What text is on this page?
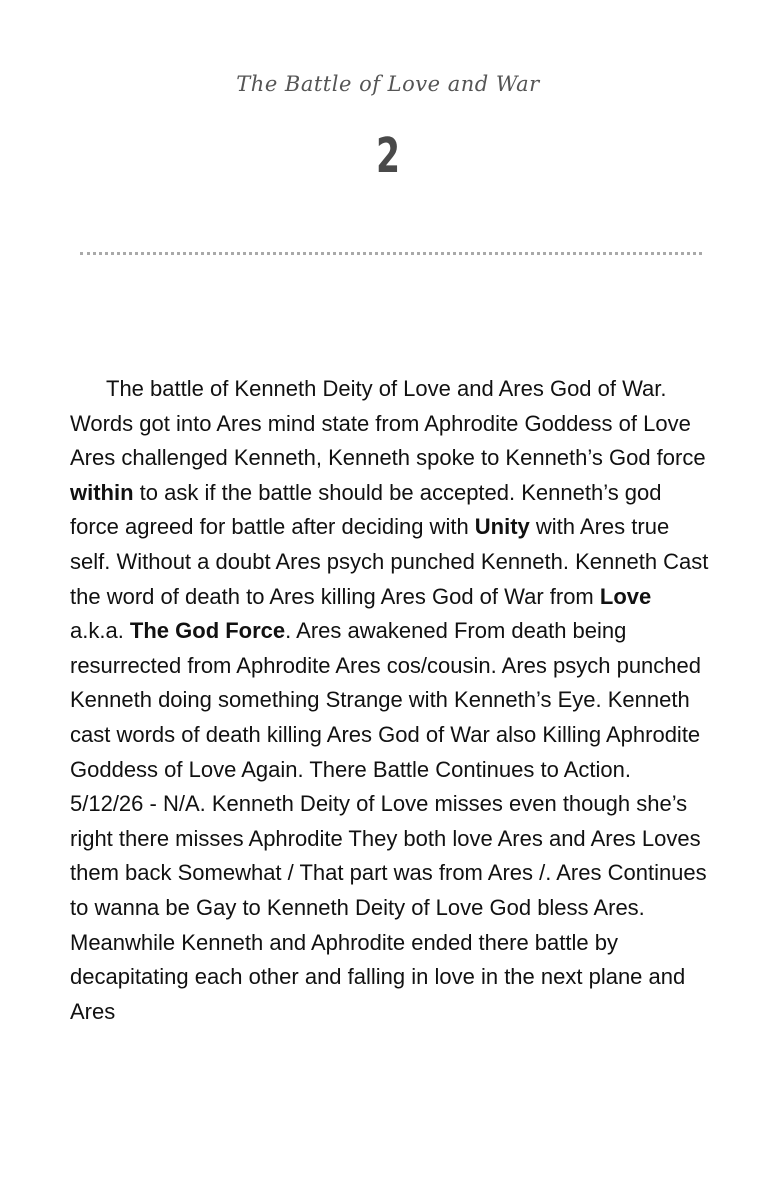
The Battle of Love and War
2

The battle of Kenneth Deity of Love and Ares God of War. Words got into Ares mind state from Aphrodite Goddess of Love Ares challenged Kenneth, Kenneth spoke to Kenneth’s God force within to ask if the battle should be accepted. Kenneth’s god force agreed for battle after deciding with Unity with Ares true self. Without a doubt Ares psych punched Kenneth. Kenneth Cast the word of death to Ares killing Ares God of War from Love a.k.a. The God Force. Ares awakened From death being resurrected from Aphrodite Ares cos/cousin. Ares psych punched Kenneth doing something Strange with Kenneth’s Eye. Kenneth cast words of death killing Ares God of War also Killing Aphrodite Goddess of Love Again. There Battle Continues to Action. 5/12/26 - N/A. Kenneth Deity of Love misses even though she’s right there misses Aphrodite They both love Ares and Ares Loves them back Somewhat / That part was from Ares /. Ares Continues to wanna be Gay to Kenneth Deity of Love God bless Ares. Meanwhile Kenneth and Aphrodite ended there battle by decapitating each other and falling in love in the next plane and Ares
